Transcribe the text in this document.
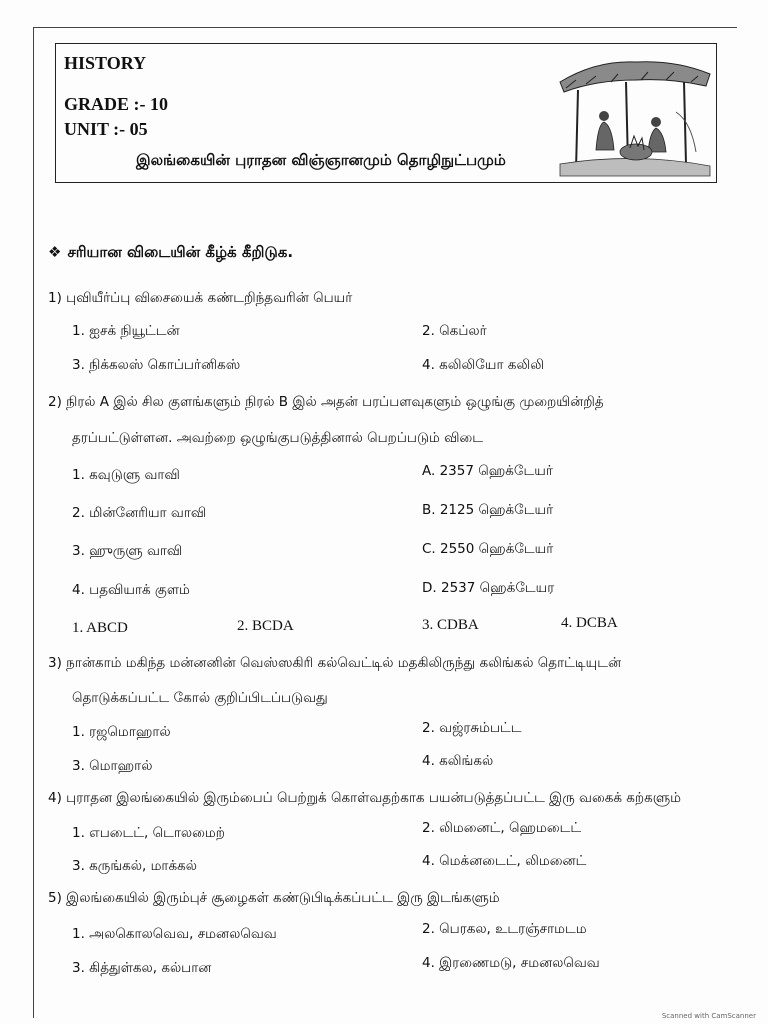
HISTORY
GRADE :- 10
UNIT :- 05
இலங்கையின் புராதன விஞ்ஞானமும் தொழிநுட்பமும்
❖ சரியான விடையின் கீழ்க் கீறிடுக.
1) புவியீர்ப்பு விசையைக் கண்டறிந்தவரின் பெயர்
1. ஐசக் நியூட்டன்	2. கெப்லர்
3. நிக்கலஸ் கொப்பர்னிகஸ்	4. கலிலியோ கலிலி
2) நிரல் A இல் சில குளங்களும் நிரல் B இல் அதன் பரப்பளவுகளும் ஒழுங்கு முறையின்றித்
தரப்பட்டுள்ளன. அவற்றை ஒழுங்குபடுத்தினால் பெறப்படும் விடை
1. கவுடுளு வாவி	A. 2357 ஹெக்டேயர்
2. மின்னேரியா வாவி	B. 2125 ஹெக்டேயர்
3. ஹுருளு வாவி	C. 2550 ஹெக்டேயர்
4. பதவியாக் குளம்	D. 2537 ஹெக்டேயர
1. ABCD	2. BCDA	3. CDBA	4. DCBA
3) நான்காம் மகிந்த மன்னனின் வெஸ்ஸகிரி கல்வெட்டில் மதகிலிருந்து கலிங்கல் தொட்டியுடன்
தொடுக்கப்பட்ட கோல் குறிப்பிடப்படுவது
1. ரஜமொஹால்	2. வஜ்ரசும்பட்ட
3. மொஹால்	4. கலிங்கல்
4) புராதன இலங்கையில் இரும்பைப் பெற்றுக் கொள்வதற்காக பயன்படுத்தப்பட்ட இரு வகைக் கற்களும்
1. எபடைட், டொலமைற்	2. லிமனைட், ஹெமடைட்
3. கருங்கல், மாக்கல்	4. மெக்னடைட், லிமனைட்
5) இலங்கையில் இரும்புச் சூழைகள் கண்டுபிடிக்கப்பட்ட இரு இடங்களும்
1. அலகொலவெவ, சமனலவெவ	2. பெரகல, உடரஞ்சாமடம
3. கித்துள்கல, கல்பான	4. இரணைமடு, சமனலவெவ
Scanned with CamScanner
